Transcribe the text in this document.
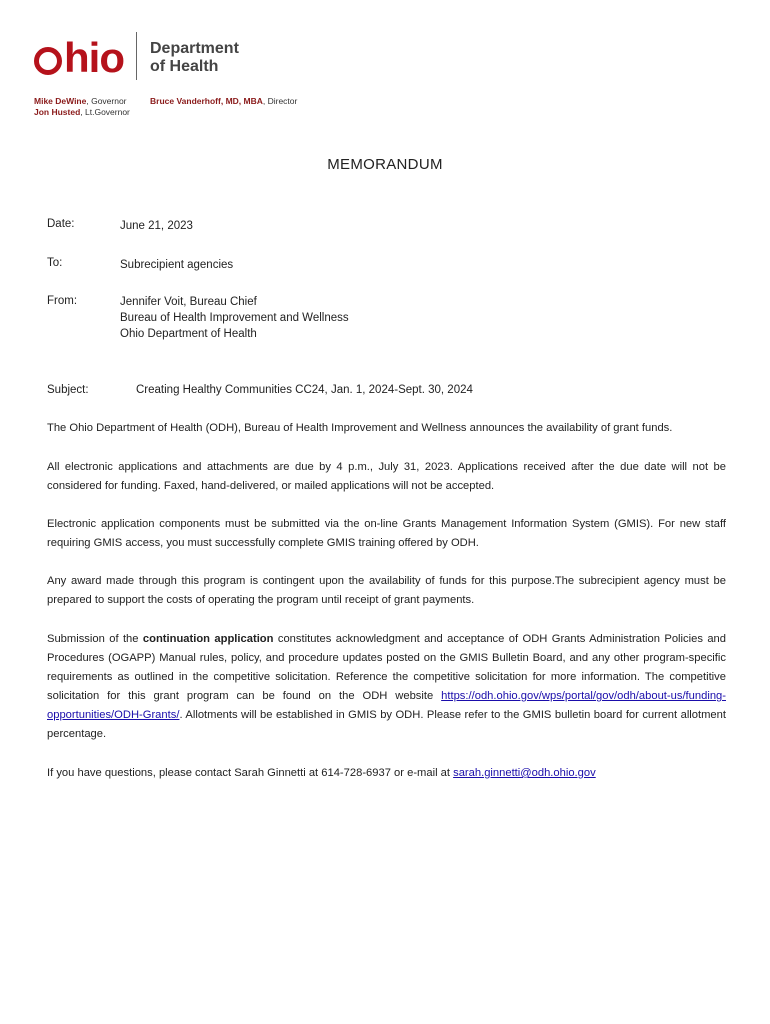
hio Department
of Health
Mike DeWine, Governor
Jon Husted, Lt.Governor
Bruce Vanderhoff, MD, MBA, Director
MEMORANDUM
Date:	June 21, 2023
To:	Subrecipient agencies
From:	Jennifer Voit, Bureau Chief
Bureau of Health Improvement and Wellness
Ohio Department of Health
Subject:	Creating Healthy Communities CC24, Jan. 1, 2024-Sept. 30, 2024
The Ohio Department of Health (ODH), Bureau of Health Improvement and Wellness announces the availability of grant funds.
All electronic applications and attachments are due by 4 p.m., July 31, 2023. Applications received after the due date will not be considered for funding. Faxed, hand-delivered, or mailed applications will not be accepted.
Electronic application components must be submitted via the on-line Grants Management Information System (GMIS). For new staff requiring GMIS access, you must successfully complete GMIS training offered by ODH.
Any award made through this program is contingent upon the availability of funds for this purpose.The subrecipient agency must be prepared to support the costs of operating the program until receipt of grant payments.
Submission of the continuation application constitutes acknowledgment and acceptance of ODH Grants Administration Policies and Procedures (OGAPP) Manual rules, policy, and procedure updates posted on the GMIS Bulletin Board, and any other program-specific requirements as outlined in the competitive solicitation. Reference the competitive solicitation for more information. The competitive solicitation for this grant program can be found on the ODH website https://odh.ohio.gov/wps/portal/gov/odh/about-us/funding-opportunities/ODH-Grants/. Allotments will be established in GMIS by ODH. Please refer to the GMIS bulletin board for current allotment percentage.
If you have questions, please contact Sarah Ginnetti at 614-728-6937 or e-mail at sarah.ginnetti@odh.ohio.gov
